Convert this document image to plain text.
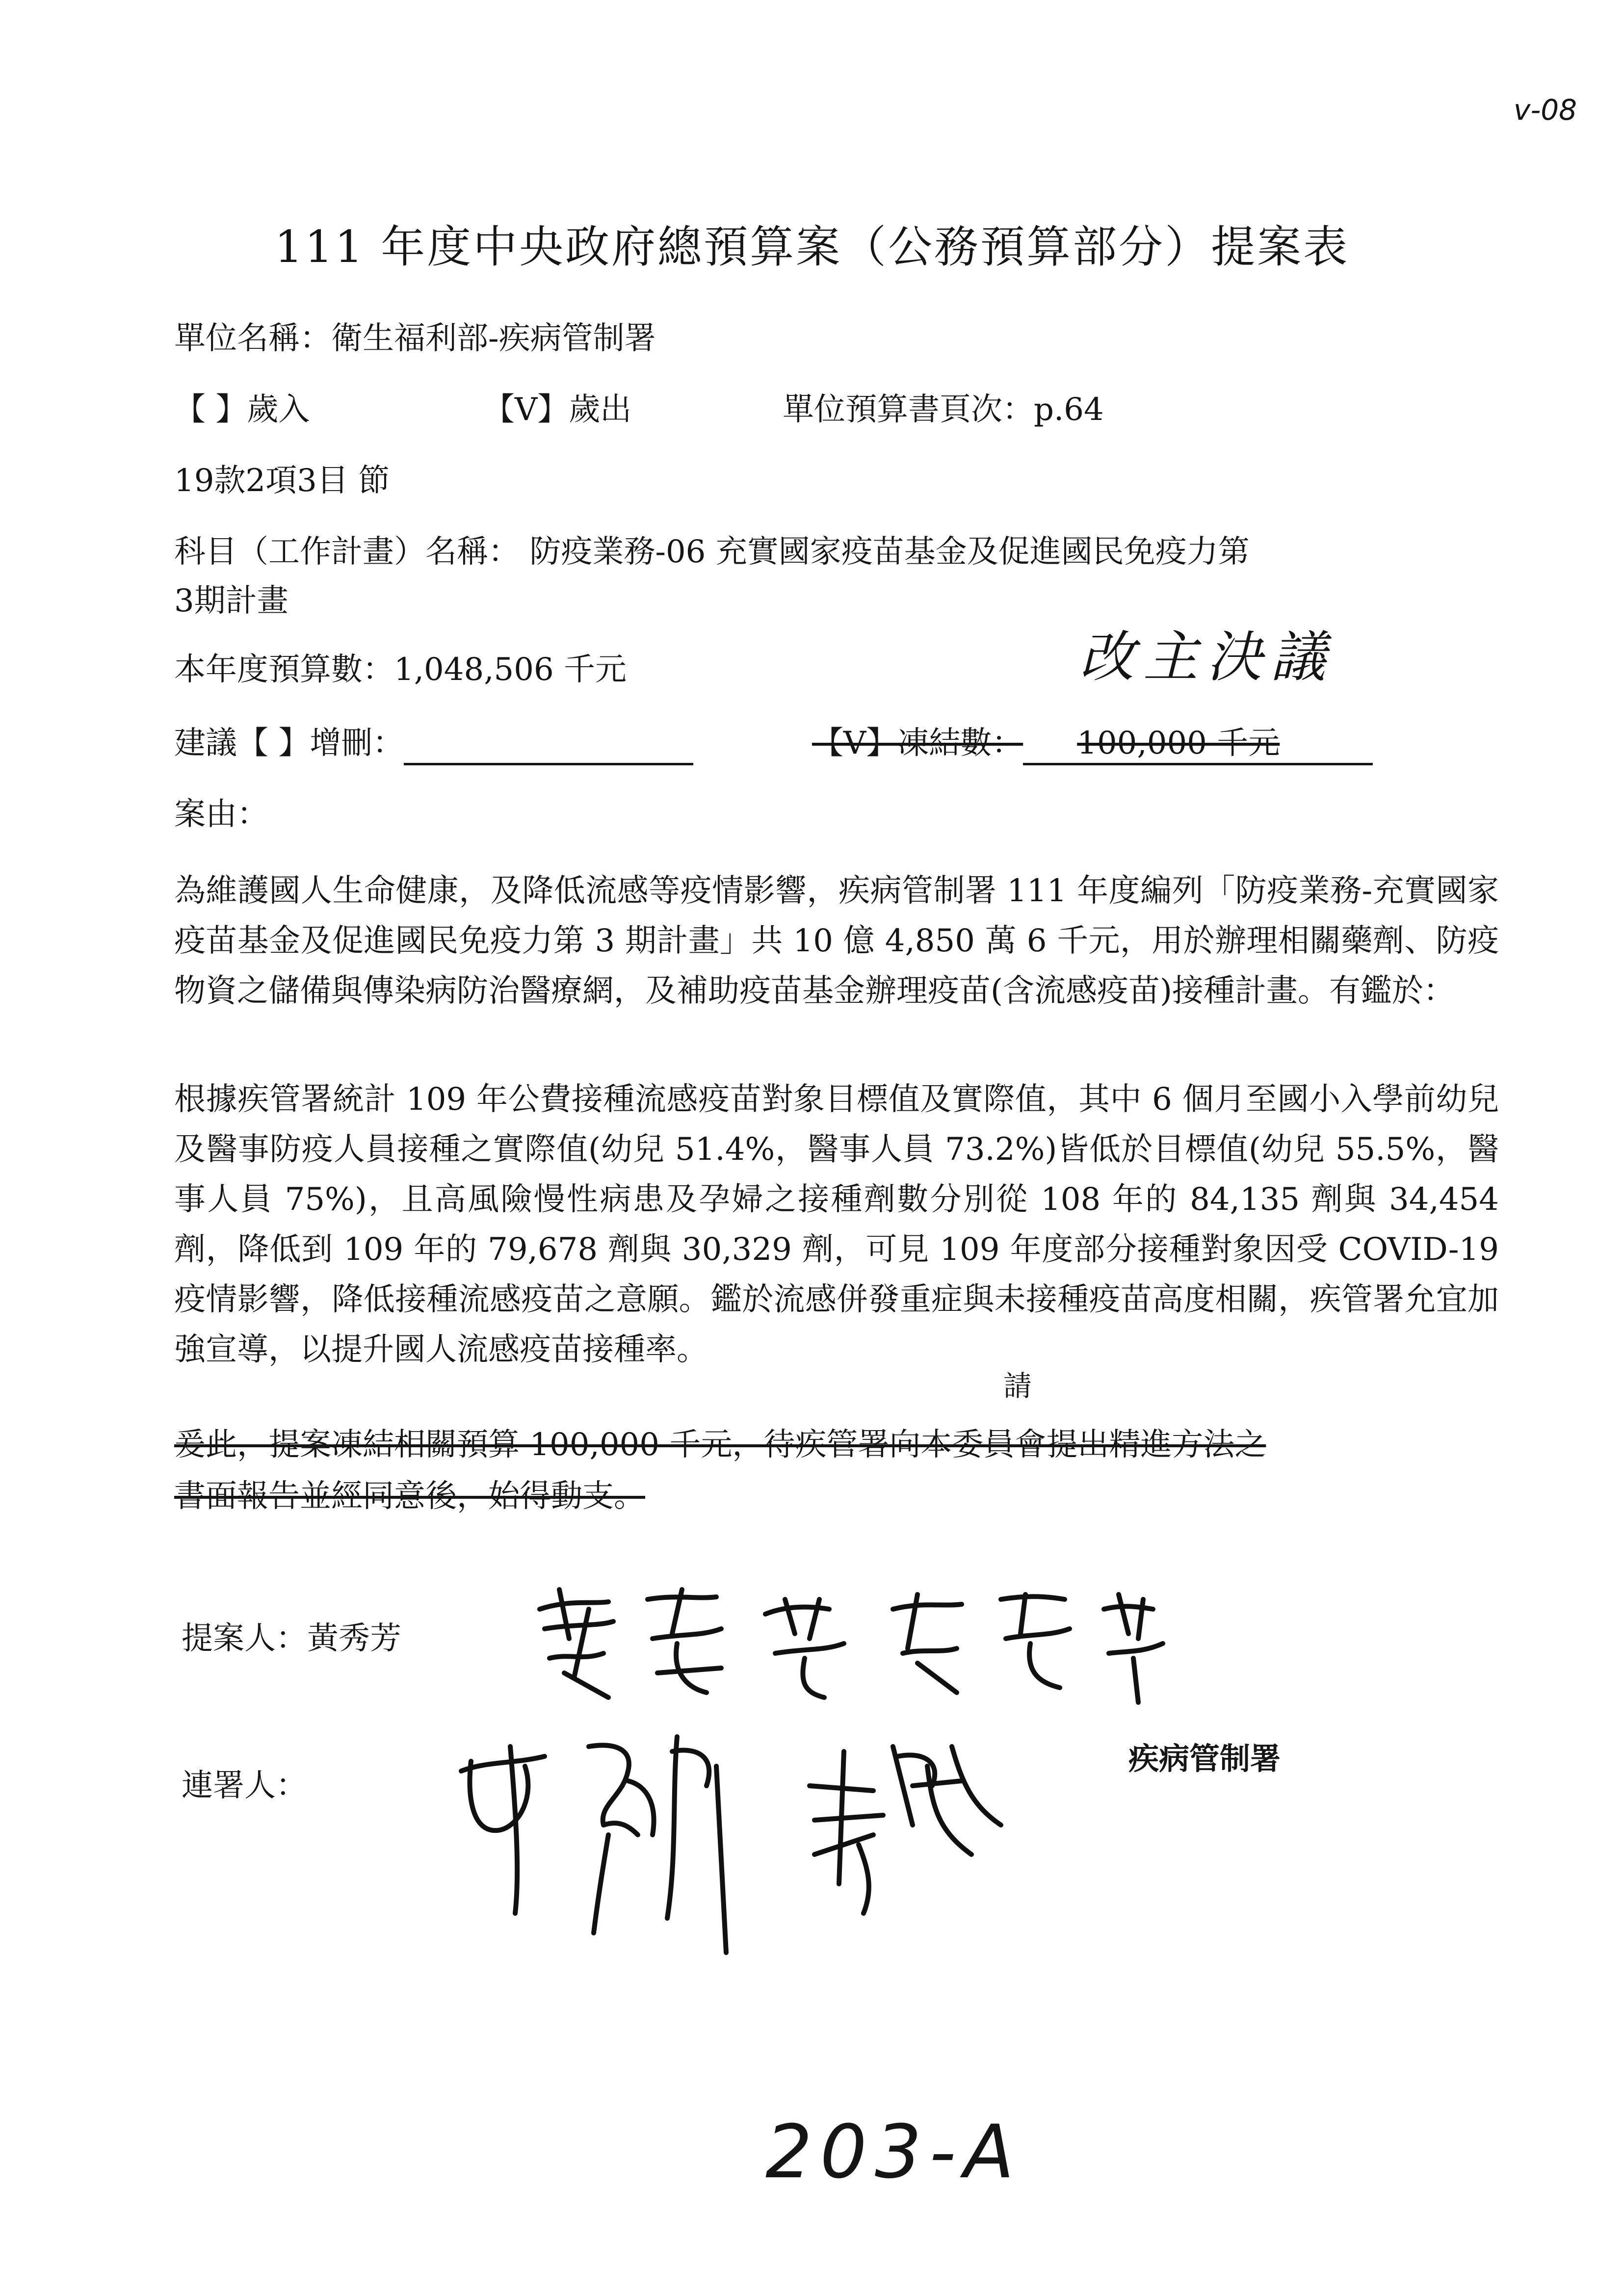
v-08
111 年度中央政府總預算案（公務預算部分）提案表
單位名稱：衛生福利部-疾病管制署
【 】歲入	【V】歲出	單位預算書頁次：p.64
19款2項3目 節
科目（工作計畫）名稱： 防疫業務-06 充實國家疫苗基金及促進國民免疫力第
3期計畫
改主決議
本年度預算數：1,048,506 千元
建議【 】增刪：	【V】凍結數： 100,000 千元
案由：
為維護國人生命健康，及降低流感等疫情影響，疾病管制署 111 年度編列「防疫業務-充實國家疫苗基金及促進國民免疫力第 3 期計畫」共 10 億 4,850 萬 6 千元，用於辦理相關藥劑、防疫物資之儲備與傳染病防治醫療網，及補助疫苗基金辦理疫苗(含流感疫苗)接種計畫。有鑑於：
根據疾管署統計 109 年公費接種流感疫苗對象目標值及實際值，其中 6 個月至國小入學前幼兒及醫事防疫人員接種之實際值(幼兒 51.4%，醫事人員 73.2%)皆低於目標值(幼兒 55.5%，醫事人員 75%)，且高風險慢性病患及孕婦之接種劑數分別從 108 年的 84,135 劑與 34,454 劑，降低到 109 年的 79,678 劑與 30,329 劑，可見 109 年度部分接種對象因受 COVID-19 疫情影響，降低接種流感疫苗之意願。鑑於流感併發重症與未接種疫苗高度相關，疾管署允宜加強宣導，以提升國人流感疫苗接種率。
請
爰此，提案凍結相關預算 100,000 千元，待疾管署向本委員會提出精進方法之
書面報告並經同意後，始得動支。
提案人：黃秀芳
連署人：
疾病管制署
203-A
